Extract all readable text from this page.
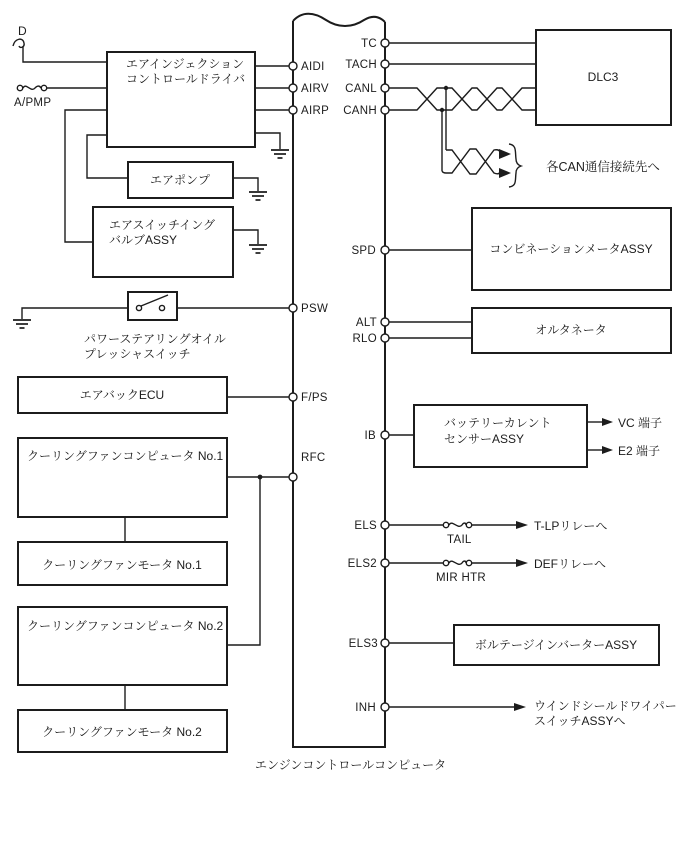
エンジンコントロールコンピュータ
D
A/PMP
各CAN通信接続先へ
VC 端子
E2 端子
TAIL
T-LPリレーへ
MIR HTR
DEFリレーへ
ウインドシールドワイパー
スイッチASSYへ
エアインジェクション
コントロールドライバ
エアポンプ
エアスイッチイング
バルブASSY
パワーステアリングオイル
プレッシャスイッチ
エアバックECU
クーリングファンコンピュータ No.1
クーリングファンモータ No.1
クーリングファンコンピュータ No.2
クーリングファンモータ No.2
DLC3
コンビネーションメータASSY
オルタネータ
バッテリーカレント
センサーASSY
ボルテージインバーターASSY
AIDI
AIRV
AIRP
PSW
F/PS
RFC
TC
TACH
CANL
CANH
SPD
ALT
RLO
IB
ELS
ELS2
ELS3
INH
